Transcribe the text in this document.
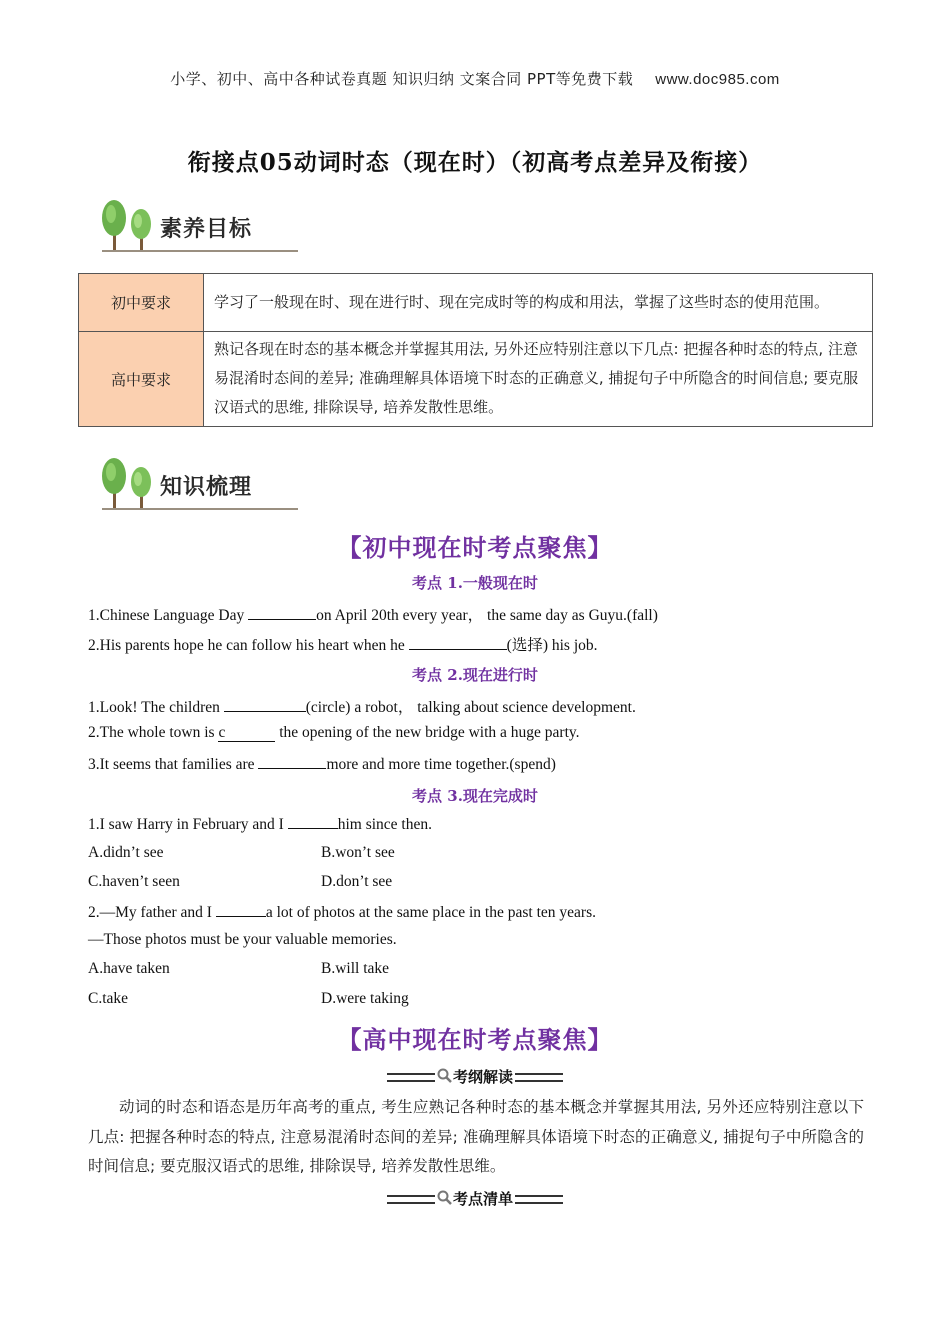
小学、初中、高中各种试卷真题 知识归纳 文案合同 PPT等免费下载 www.doc985.com
衔接点05动词时态（现在时）（初高考点差异及衔接）
素养目标
初中要求	学习了一般现在时、现在进行时、现在完成时等的构成和用法，掌握了这些时态的使用范围。
高中要求	熟记各现在时态的基本概念并掌握其用法, 另外还应特别注意以下几点: 把握各种时态的特点, 注意易混淆时态间的差异; 准确理解具体语境下时态的正确意义, 捕捉句子中所隐含的时间信息; 要克服汉语式的思维, 排除误导, 培养发散性思维。
知识梳理
【初中现在时考点聚焦】
考点 1.一般现在时
1.Chinese Language Day	on April 20th every year， the same day as Guyu.(fall)
2.His parents hope he can follow his heart when he	(选择) his job.
考点 2.现在进行时
1.Look! The children	(circle) a robot， talking about science development.
2.The whole town is c	the opening of the new bridge with a huge party.
3.It seems that families are	more and more time together.(spend)
考点 3.现在完成时
1.I saw Harry in February and I	him since then.
A.didn’t see	B.won’t see
C.haven’t seen	D.don’t see
2.—My father and I	a lot of photos at the same place in the past ten years.
—Those photos must be your valuable memories.
A.have taken	B.will take
C.take	D.were taking
【高中现在时考点聚焦】
考纲解读
动词的时态和语态是历年高考的重点, 考生应熟记各种时态的基本概念并掌握其用法, 另外还应特别注意以下几点: 把握各种时态的特点, 注意易混淆时态间的差异; 准确理解具体语境下时态的正确意义, 捕捉句子中所隐含的时间信息; 要克服汉语式的思维, 排除误导, 培养发散性思维。
考点清单
